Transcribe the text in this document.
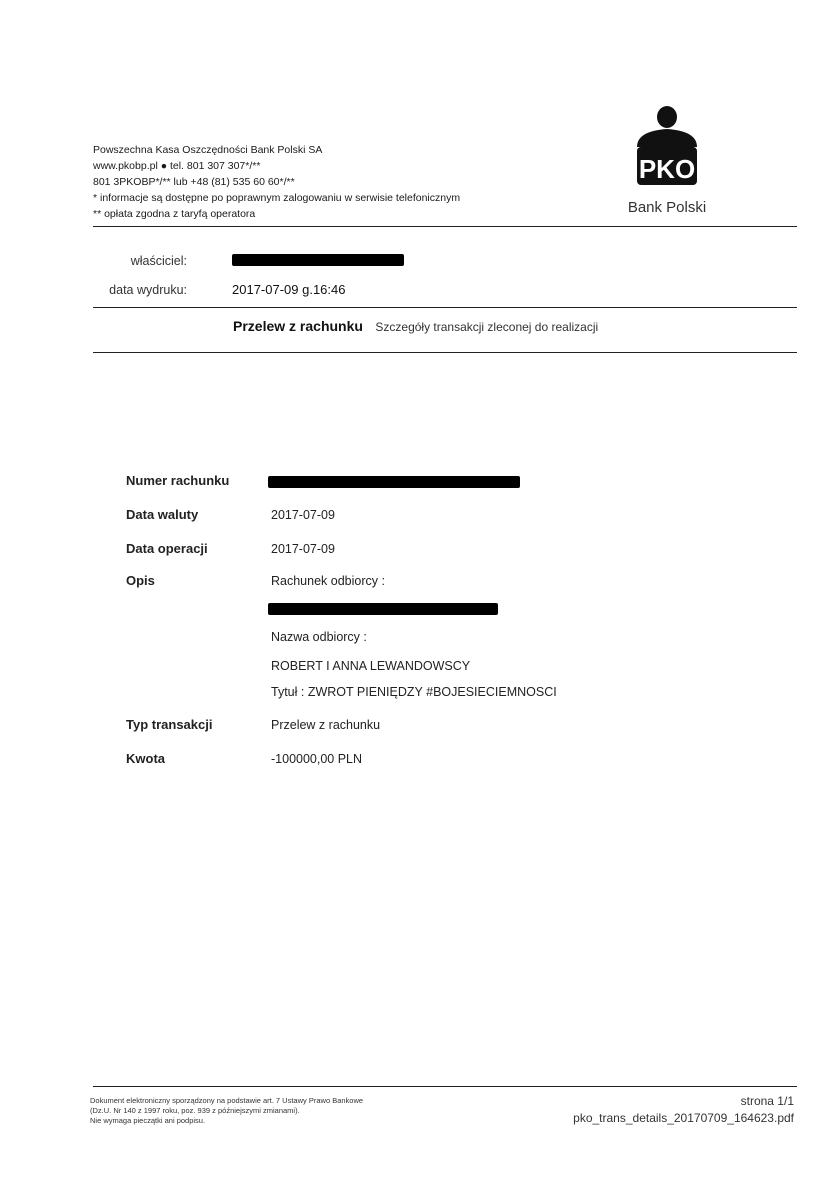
Powszechna Kasa Oszczędności Bank Polski SA
www.pkobp.pl ● tel. 801 307 307*/**
801 3PKOBP*/** lub +48 (81) 535 60 60*/**
* informacje są dostępne po poprawnym zalogowaniu w serwisie telefonicznym
** opłata zgodna z taryfą operatora
PKO
Bank Polski
właściciel:
data wydruku:	2017-07-09 g.16:46
Przelew z rachunku Szczegóły transakcji zleconej do realizacji
Numer rachunku
Data waluty	2017-07-09
Data operacji	2017-07-09
Opis	Rachunek odbiorcy :
Nazwa odbiorcy :
ROBERT I ANNA LEWANDOWSCY
Tytuł : ZWROT PIENIĘDZY #BOJESIECIEMNOSCI
Typ transakcji	Przelew z rachunku
Kwota	-100000,00 PLN
Dokument elektroniczny sporządzony na podstawie art. 7 Ustawy Prawo Bankowe
(Dz.U. Nr 140 z 1997 roku, poz. 939 z późniejszymi zmianami).
Nie wymaga pieczątki ani podpisu.
strona 1/1
pko_trans_details_20170709_164623.pdf
